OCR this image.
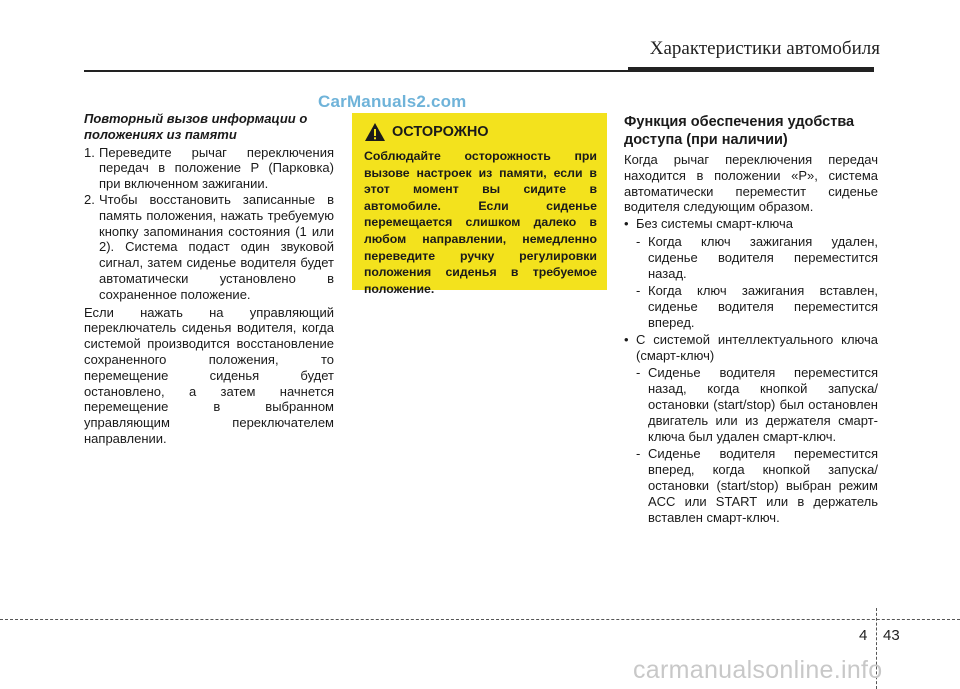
Характеристики автомобиля
CarManuals2.com
Повторный вызов информации о положениях из памяти
1. Переведите рычаг переключения передач в положение P (Парковка) при включенном зажигании.
2. Чтобы восстановить записанные в память положения, нажать требуемую кнопку запоминания состояния (1 или 2). Система подаст один звуковой сигнал, затем сиденье водителя будет автоматически установлено в сохраненное положение.
Если нажать на управляющий переключатель сиденья водителя, когда системой производится восстановление сохраненного положения, то перемещение сиденья будет остановлено, а затем начнется перемещение в выбранном управляющим переключателем направлении.
ОСТОРОЖНО
Соблюдайте осторожность при вызове настроек из памяти, если в этот момент вы сидите в автомобиле. Если сиденье перемещается слишком далеко в любом направлении, немедленно переведите ручку регулировки положения сиденья в требуемое положение.
Функция обеспечения удобства доступа (при наличии)
Когда рычаг переключения передач находится в положении «P», система автоматически переместит сиденье водителя следующим образом.
• Без системы смарт-ключа
- Когда ключ зажигания удален, сиденье водителя переместится назад.
- Когда ключ зажигания вставлен, сиденье водителя переместится вперед.
• С системой интеллектуального ключа (смарт-ключ)
- Сиденье водителя переместится назад, когда кнопкой запуска/остановки (start/stop) был остановлен двигатель или из держателя смарт-ключа был удален смарт-ключ.
- Сиденье водителя переместится вперед, когда кнопкой запуска/остановки (start/stop) выбран режим ACC или START или в держатель вставлен смарт-ключ.
4 43
carmanualsonline.info
